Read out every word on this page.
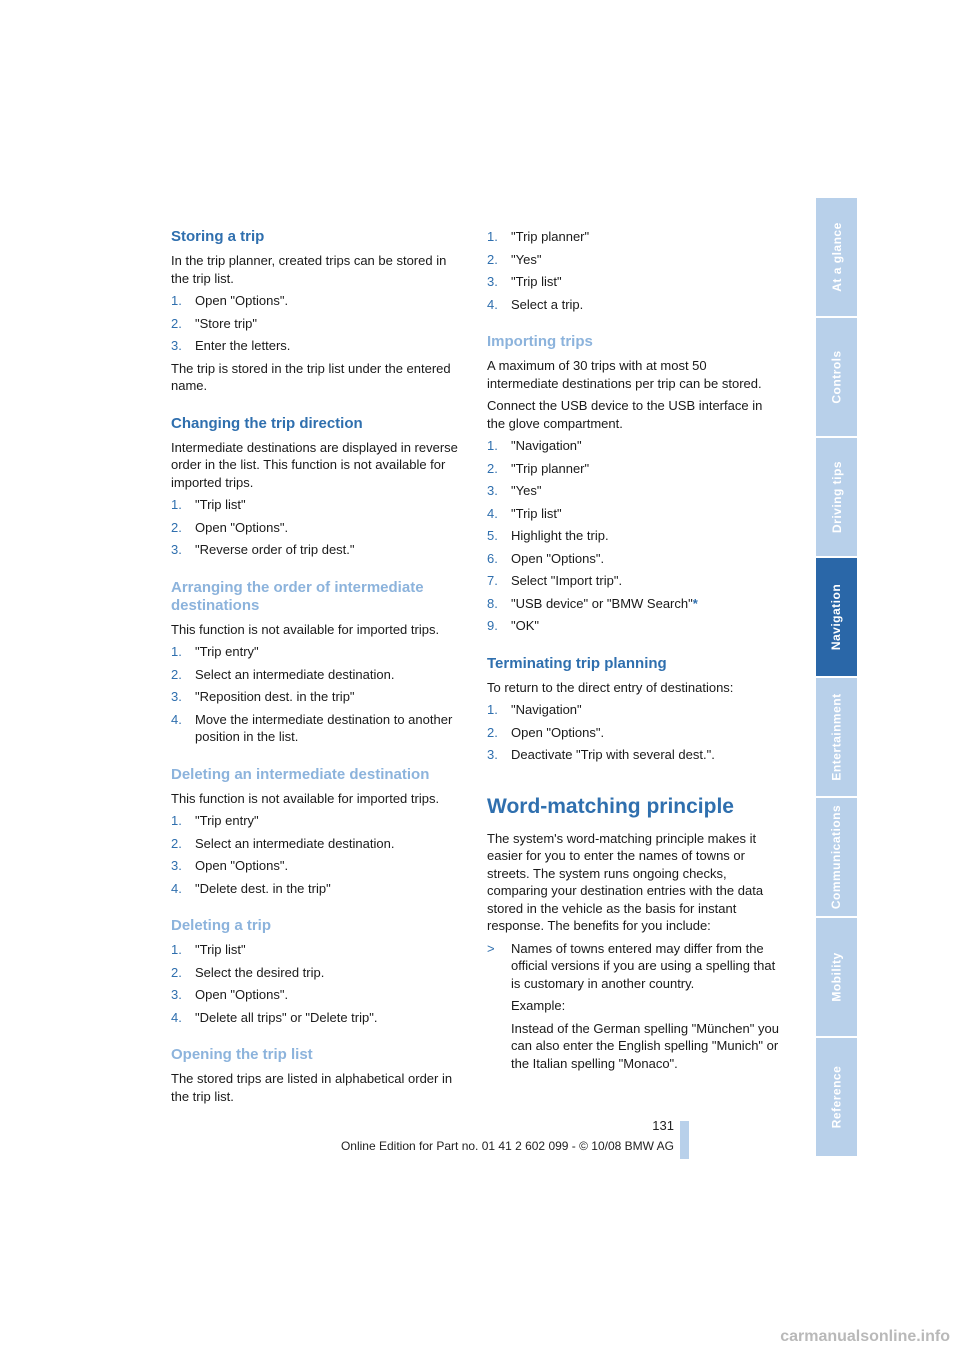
Storing a trip

In the trip planner, created trips can be stored in the trip list.

1. Open "Options".
2. "Store trip"
3. Enter the letters.

The trip is stored in the trip list under the entered name.

Changing the trip direction

Intermediate destinations are displayed in reverse order in the list. This function is not available for imported trips.

1. "Trip list"
2. Open "Options".
3. "Reverse order of trip dest."
Arranging the order of intermediate destinations

This function is not available for imported trips.

1. "Trip entry"
2. Select an intermediate destination.
3. "Reposition dest. in the trip"
4. Move the intermediate destination to another position in the list.
Deleting an intermediate destination

This function is not available for imported trips.

1. "Trip entry"
2. Select an intermediate destination.
3. Open "Options".
4. "Delete dest. in the trip"
Deleting a trip
1. "Trip list"
2. Select the desired trip.
3. Open "Options".
4. "Delete all trips" or "Delete trip".
Opening the trip list

The stored trips are listed in alphabetical order in the trip list.

1. "Trip planner"
2. "Yes"
3. "Trip list"
4. Select a trip.
Importing trips

A maximum of 30 trips with at most 50 intermediate destinations per trip can be stored.

Connect the USB device to the USB interface in the glove compartment.

1. "Navigation"
2. "Trip planner"
3. "Yes"
4. "Trip list"
5. Highlight the trip.
6. Open "Options".
7. Select "Import trip".
8. "USB device" or "BMW Search"*
9. "OK"
Terminating trip planning

To return to the direct entry of destinations:

1. "Navigation"
2. Open "Options".
3. Deactivate "Trip with several dest.".
Word-matching principle

The system's word-matching principle makes it easier for you to enter the names of towns or streets. The system runs ongoing checks, comparing your destination entries with the data stored in the vehicle as the basis for instant response. The benefits for you include:

> Names of towns entered may differ from the official versions if you are using a spelling that is customary in another country.
Example:
Instead of the German spelling "München" you can also enter the English spelling "Munich" or the Italian spelling "Monaco".
At a glance
Controls
Driving tips
Navigation
Entertainment
Communications
Mobility
Reference
131
Online Edition for Part no. 01 41 2 602 099 - © 10/08 BMW AG
carmanualsonline.info
